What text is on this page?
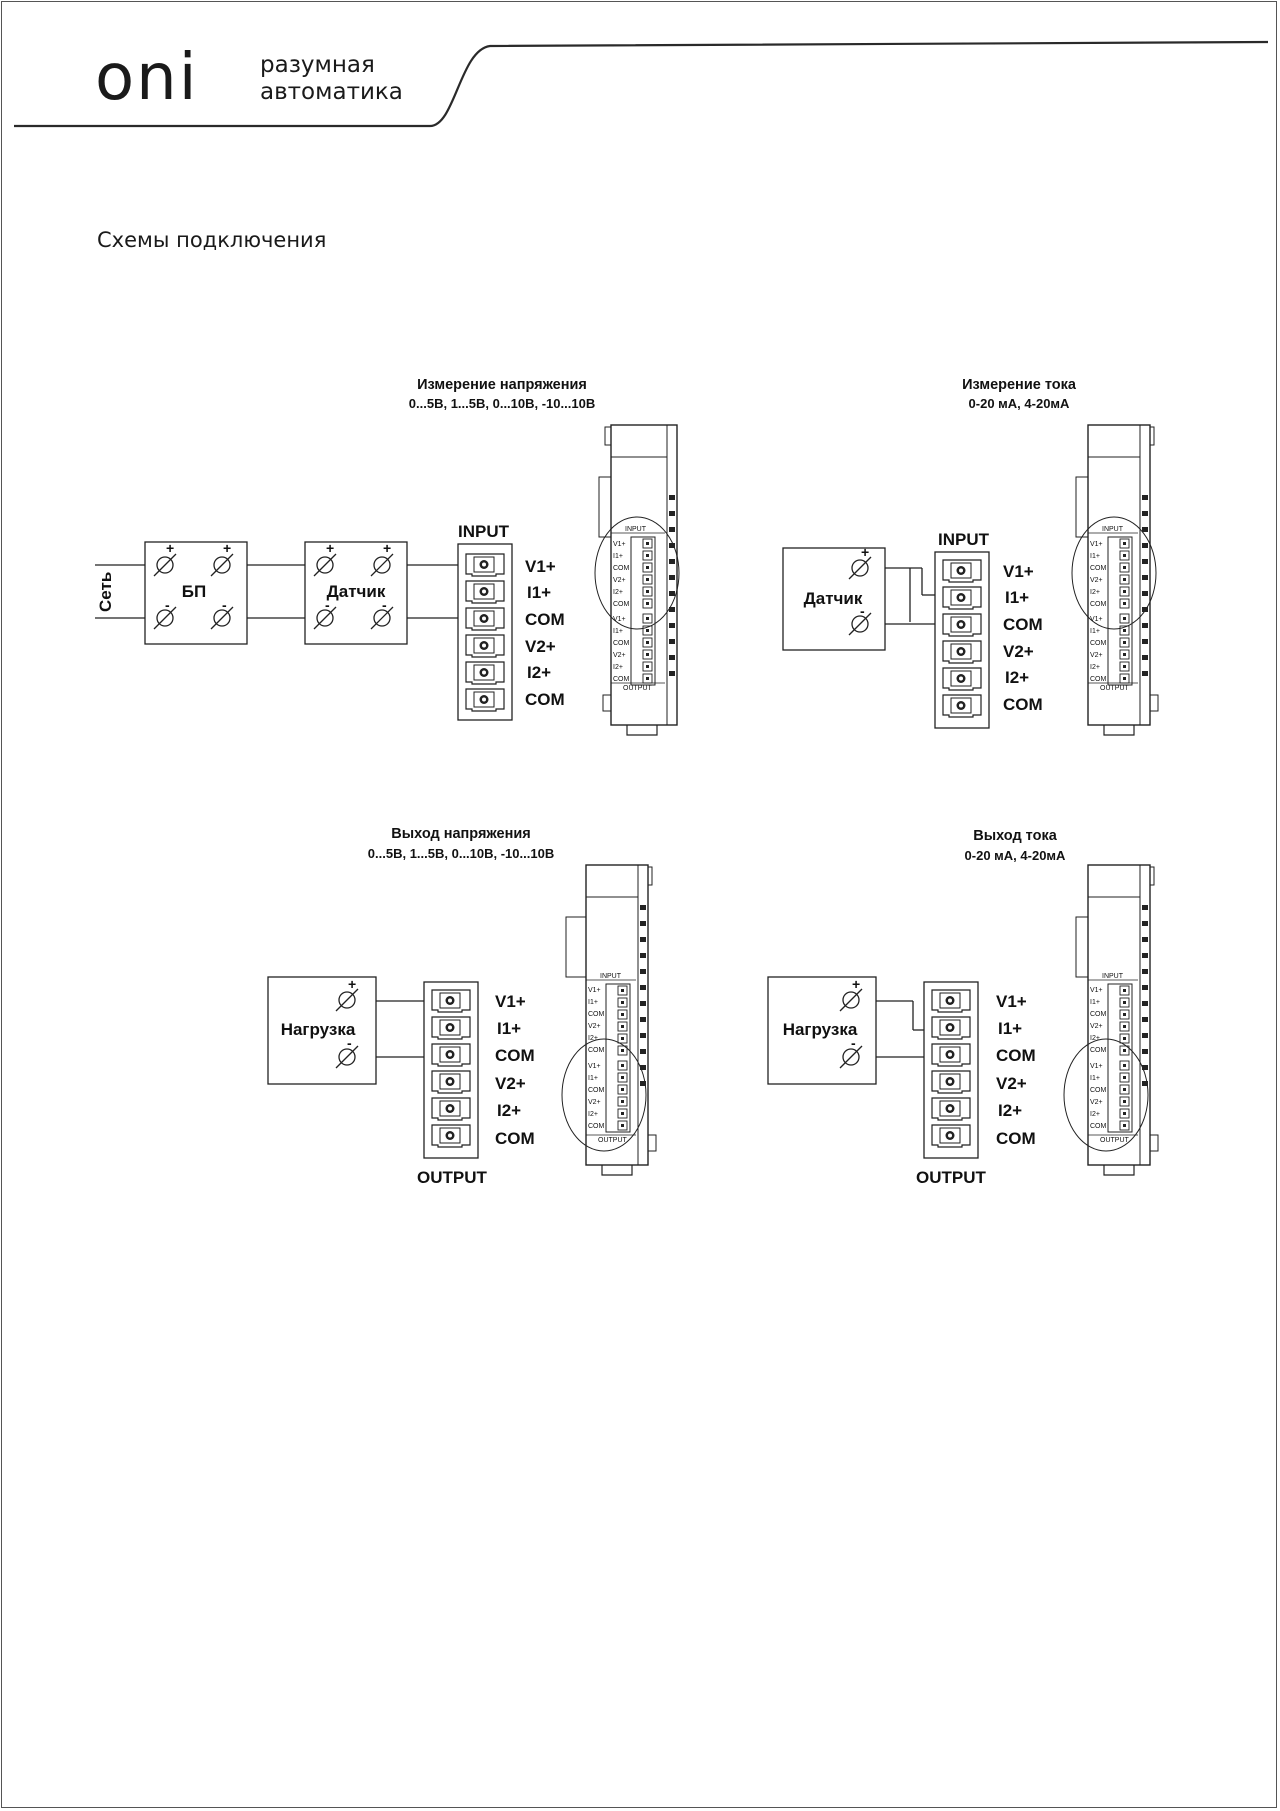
oni	разумная
автоматика
Схемы подключения
Измерение напряжения
0...5В, 1...5В, 0...10В, -10...10В
Сеть
+	+
-	-
БП
+	+
-	-
Датчик
INPUT
V1+
I1+
COM
V2+
I2+
COM
INPUT
OUTPUT
V1+
I1+
COM
V2+
I2+
COM
V1+
I1+
COM
V2+
I2+
COM
Измерение тока
0-20 мА, 4-20мА
+
-
Датчик
INPUT
V1+
I1+
COM
V2+
I2+
COM
INPUT
OUTPUT
V1+
I1+
COM
V2+
I2+
COM
V1+
I1+
COM
V2+
I2+
COM
Выход напряжения
0...5В, 1...5В, 0...10В, -10...10В
+
-
Нагрузка
V1+
I1+
COM
V2+
I2+
COM
OUTPUT
INPUT
OUTPUT
V1+
I1+
COM
V2+
I2+
COM
V1+
I1+
COM
V2+
I2+
COM
Выход тока
0-20 мА, 4-20мА
+
-
Нагрузка
V1+
I1+
COM
V2+
I2+
COM
OUTPUT
INPUT
OUTPUT
V1+
I1+
COM
V2+
I2+
COM
V1+
I1+
COM
V2+
I2+
COM
